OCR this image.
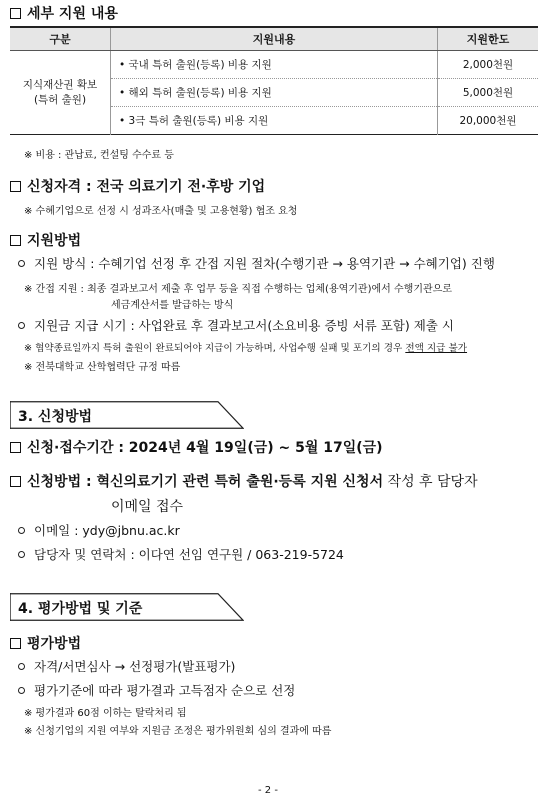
세부 지원 내용
구분	지원내용	지원한도
지식재산권 확보
(특허 출원)	• 국내 특허 출원(등록) 비용 지원	2,000천원
	• 해외 특허 출원(등록) 비용 지원	5,000천원
	• 3극 특허 출원(등록) 비용 지원	20,000천원
※ 비용 : 관납료, 컨설팅 수수료 등
신청자격 : 전국 의료기기 전·후방 기업
※ 수혜기업으로 선정 시 성과조사(매출 및 고용현황) 협조 요청
지원방법
지원 방식 : 수혜기업 선정 후 간접 지원 절차(수행기관 → 용역기관 → 수혜기업) 진행
※ 간접 지원 : 최종 결과보고서 제출 후 업무 등을 직접 수행하는 업체(용역기관)에서 수행기관으로
세금계산서를 발급하는 방식
지원금 지급 시기 : 사업완료 후 결과보고서(소요비용 증빙 서류 포함) 제출 시
※ 협약종료일까지 특허 출원이 완료되어야 지급이 가능하며, 사업수행 실패 및 포기의 경우 전액 지급 불가
※ 전북대학교 산학협력단 규정 따름
3. 신청방법
신청·접수기간 : 2024년 4월 19일(금) ~ 5월 17일(금)
신청방법 : 혁신의료기기 관련 특허 출원·등록 지원 신청서 작성 후 담당자
이메일 접수
이메일 : ydy@jbnu.ac.kr
담당자 및 연락처 : 이다연 선임 연구원 / 063-219-5724
4. 평가방법 및 기준
평가방법
자격/서면심사 → 선정평가(발표평가)
평가기준에 따라 평가결과 고득점자 순으로 선정
※ 평가결과 60점 이하는 탈락처리 됨
※ 신청기업의 지원 여부와 지원금 조정은 평가위원회 심의 결과에 따름
- 2 -
